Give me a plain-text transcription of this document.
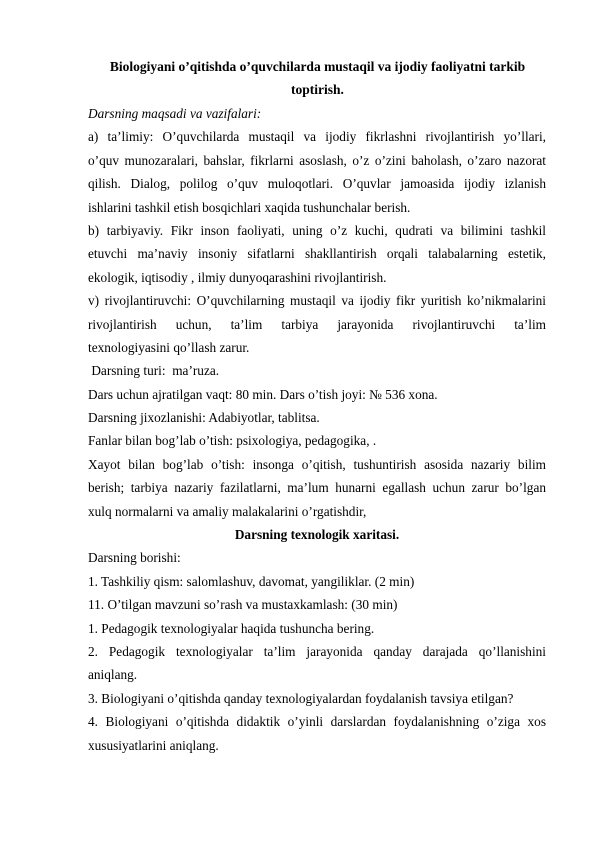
Biologiyani o’qitishda o’quvchilarda mustaqil va ijodiy faoliyatni tarkib
toptirish.
Darsning maqsadi va vazifalari:
a) ta’limiy: O’quvchilarda mustaqil va ijodiy fikrlashni rivojlantirish yo’llari,
o’quv munozaralari, bahslar, fikrlarni asoslash, o’z o’zini baholash, o’zaro nazorat
qilish. Dialog, polilog o’quv muloqotlari. O’quvlar jamoasida ijodiy izlanish
ishlarini tashkil etish bosqichlari xaqida tushunchalar berish.
b) tarbiyaviy. Fikr inson faoliyati, uning o’z kuchi, qudrati va bilimini tashkil
etuvchi ma’naviy insoniy sifatlarni shakllantirish orqali talabalarning estetik,
ekologik, iqtisodiy , ilmiy dunyoqarashini rivojlantirish.
v) rivojlantiruvchi: O’quvchilarning mustaqil va ijodiy fikr yuritish ko’nikmalarini
rivojlantirish uchun, ta’lim tarbiya jarayonida rivojlantiruvchi ta’lim
texnologiyasini qo’llash zarur.
Darsning turi:  ma’ruza.
Dars uchun ajratilgan vaqt: 80 min. Dars o’tish joyi: № 536 xona.
Darsning jixozlanishi: Adabiyotlar, tablitsa.
Fanlar bilan bog’lab o’tish: psixologiya, pedagogika, .
Xayot bilan bog’lab o’tish: insonga o’qitish, tushuntirish asosida nazariy bilim
berish; tarbiya nazariy fazilatlarni, ma’lum hunarni egallash uchun zarur bo’lgan
xulq normalarni va amaliy malakalarini o’rgatishdir,
Darsning texnologik xaritasi.
Darsning borishi:
1. Tashkiliy qism: salomlashuv, davomat, yangiliklar. (2 min)
11. O’tilgan mavzuni so’rash va mustaxkamlash: (30 min)
1. Pedagogik texnologiyalar haqida tushuncha bering.
2. Pedagogik texnologiyalar ta’lim jarayonida qanday darajada qo’llanishini
aniqlang.
3. Biologiyani o’qitishda qanday texnologiyalardan foydalanish tavsiya etilgan?
4. Biologiyani o’qitishda didaktik o’yinli darslardan foydalanishning o’ziga xos
xususiyatlarini aniqlang.
